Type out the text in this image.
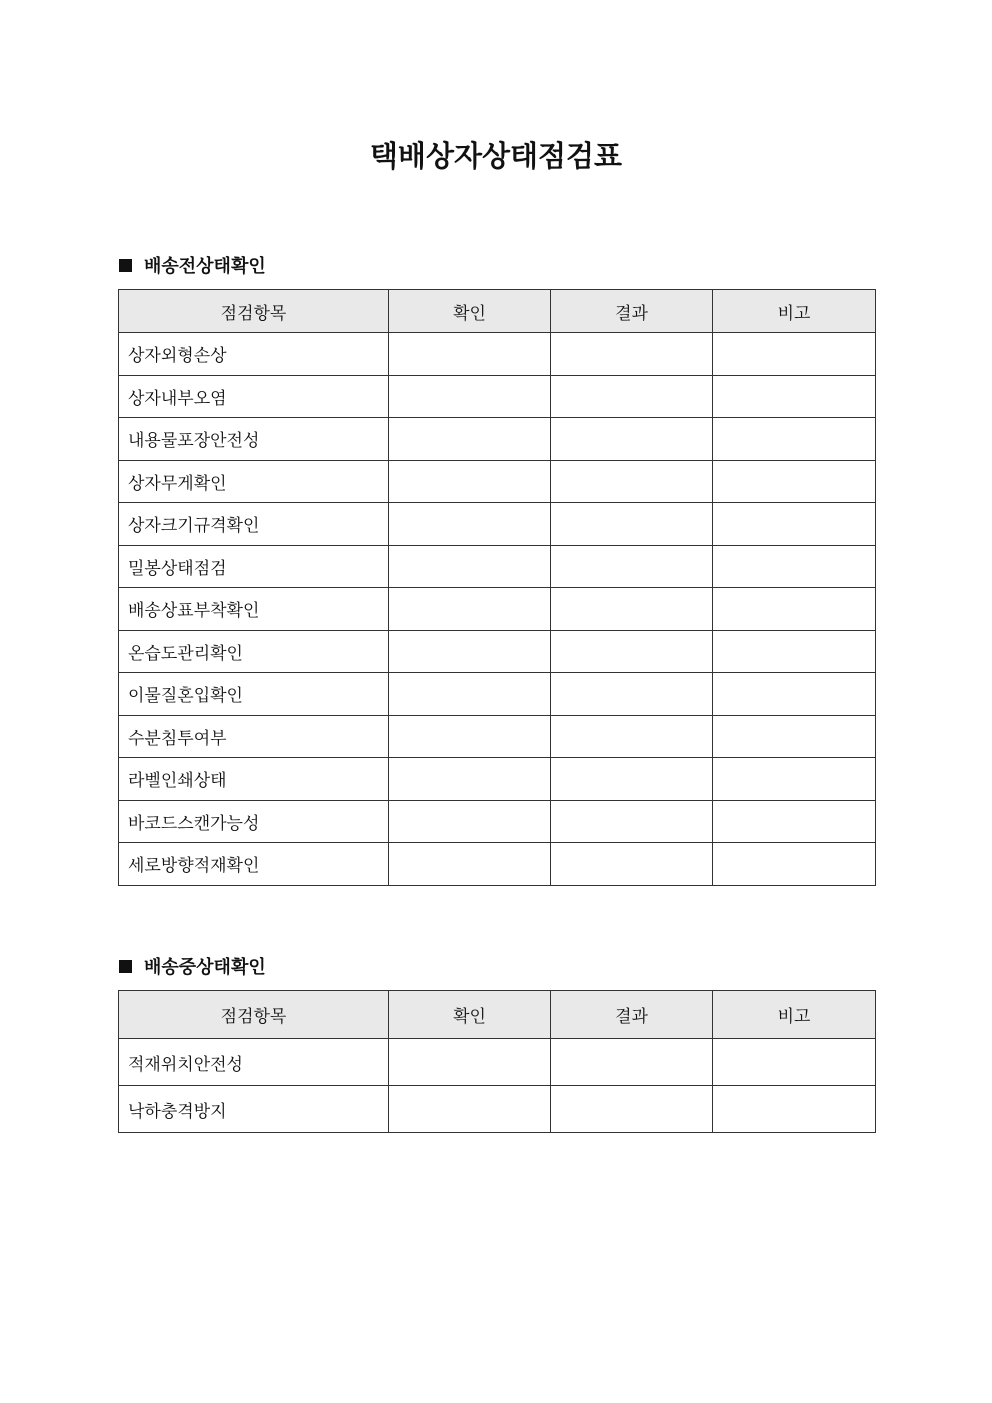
택배상자상태점검표
배송전상태확인
점검항목	확인	결과	비고
상자외형손상			
상자내부오염			
내용물포장안전성			
상자무게확인			
상자크기규격확인			
밀봉상태점검			
배송상표부착확인			
온습도관리확인			
이물질혼입확인			
수분침투여부			
라벨인쇄상태			
바코드스캔가능성			
세로방향적재확인			
배송중상태확인
점검항목	확인	결과	비고
적재위치안전성			
낙하충격방지			
